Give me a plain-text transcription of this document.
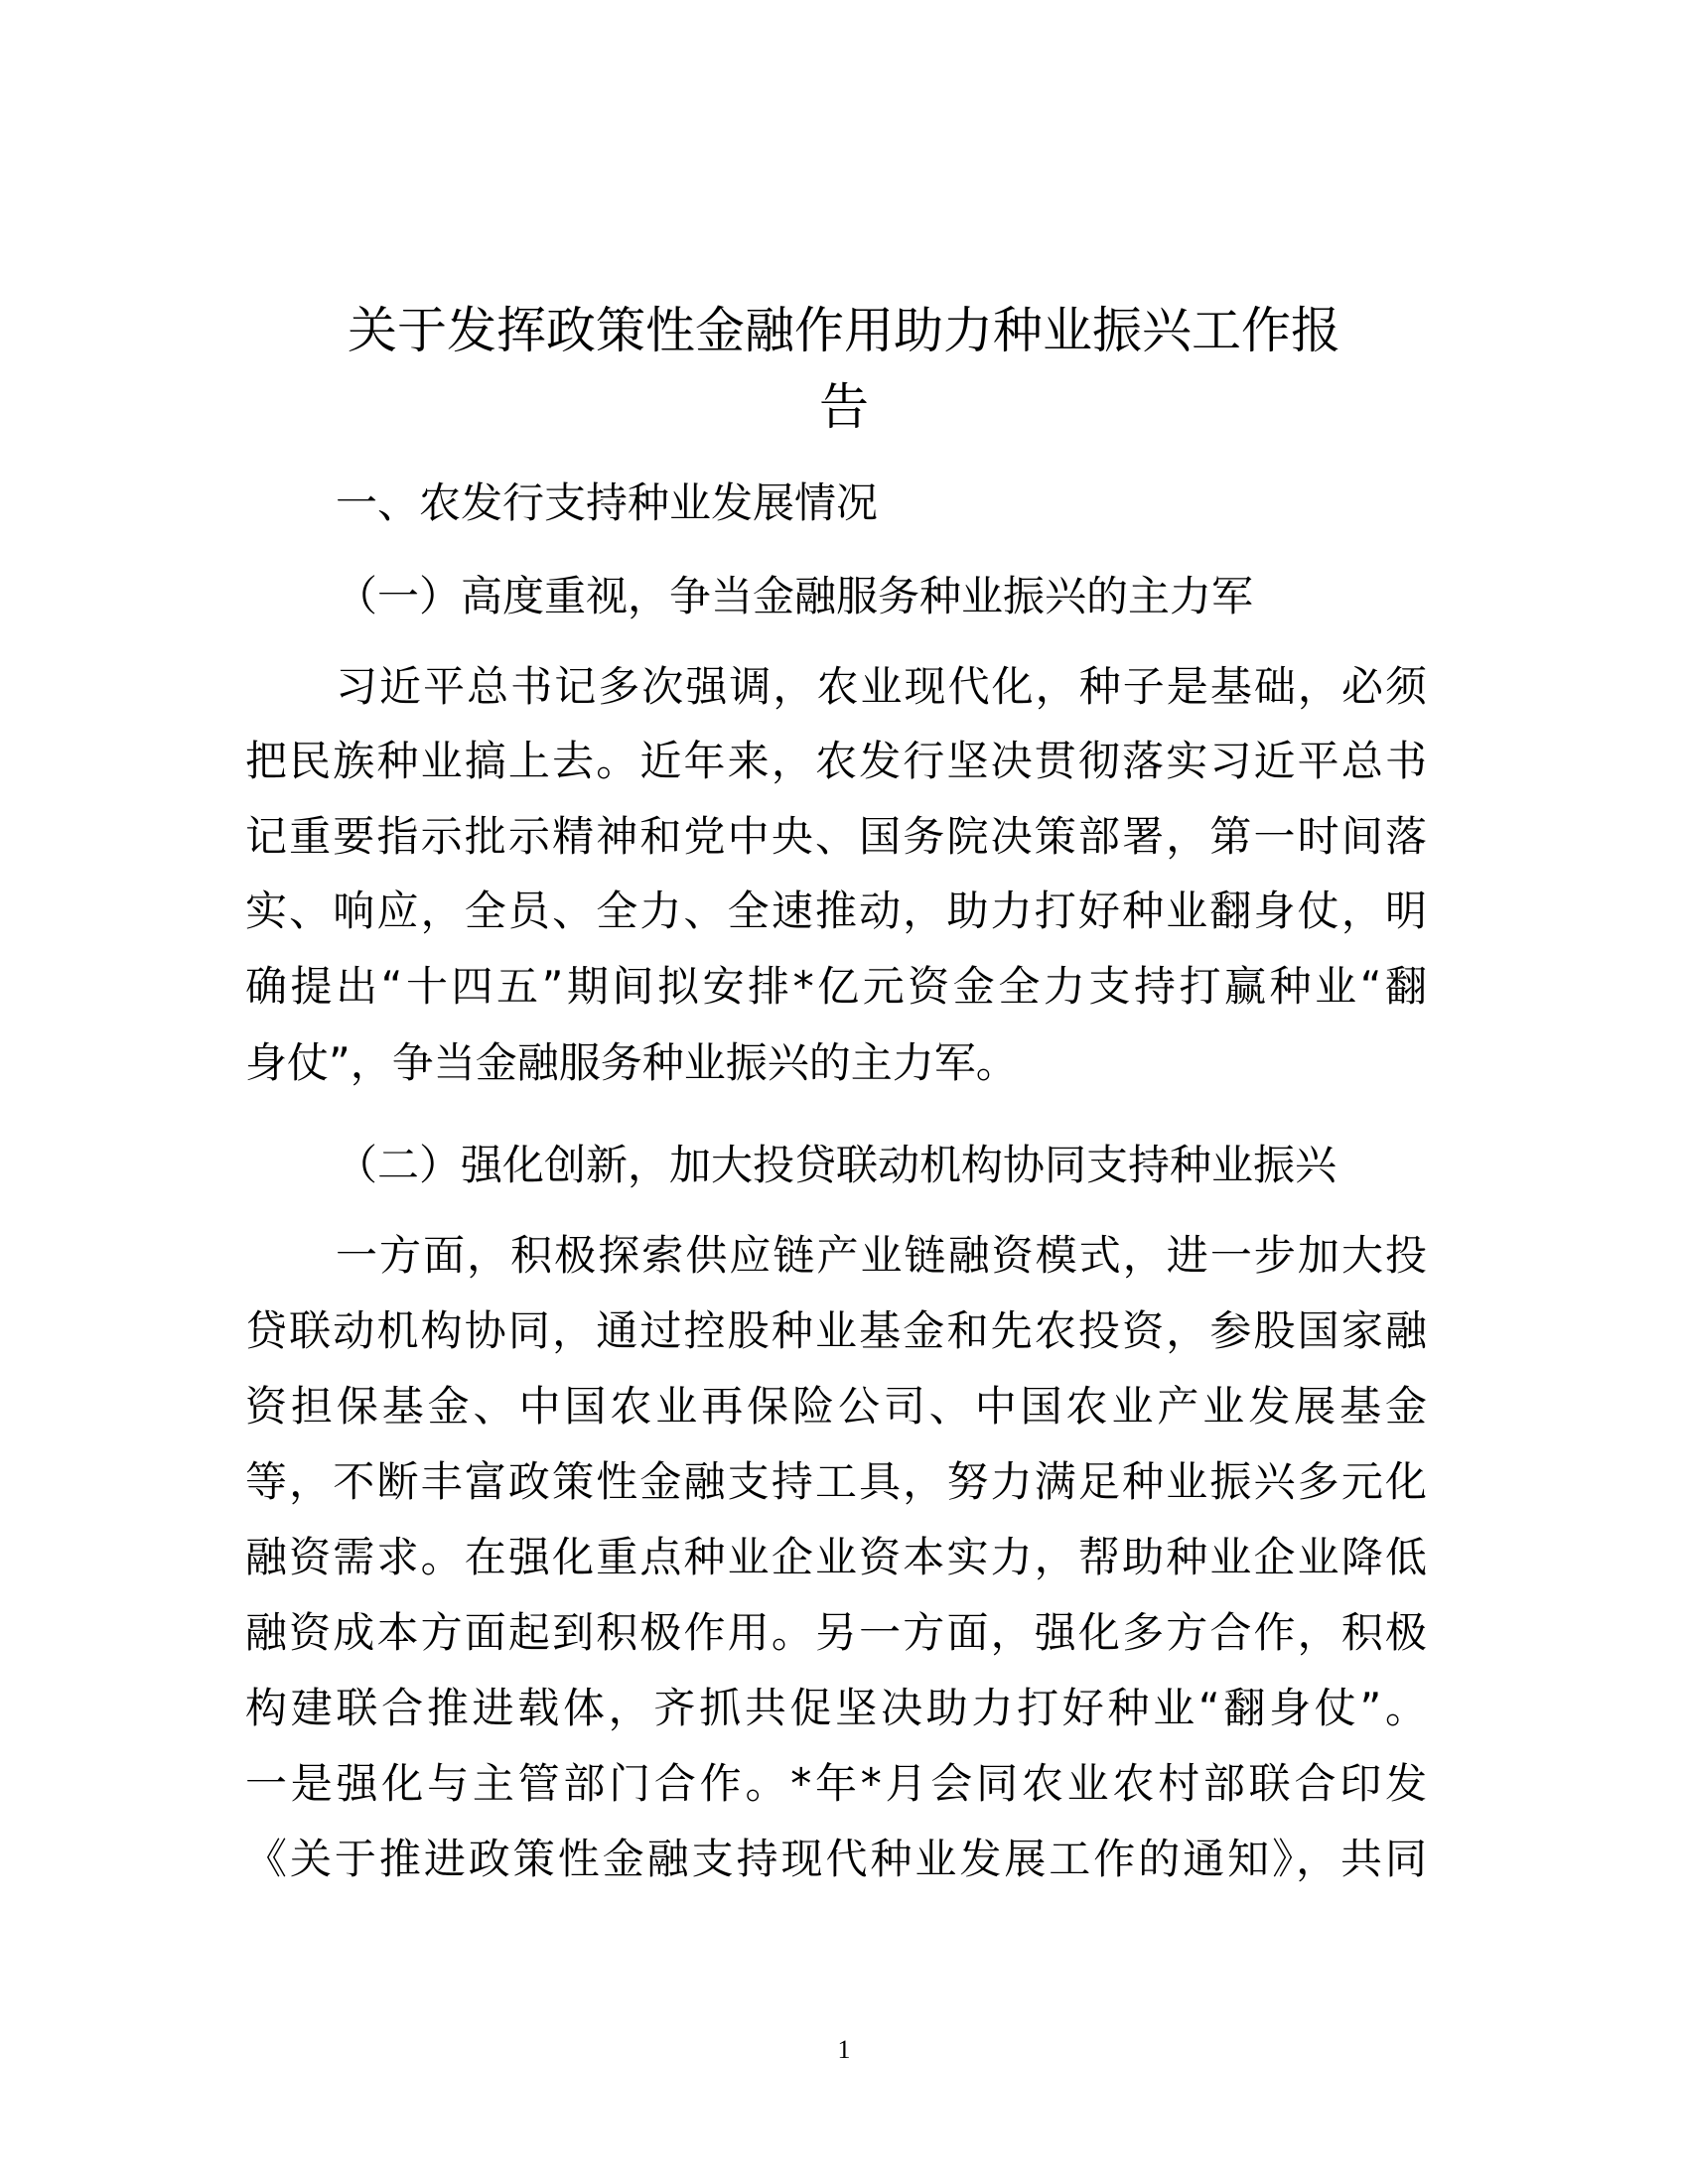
关于发挥政策性金融作用助力种业振兴工作报
告
一、农发行支持种业发展情况
（一）高度重视，争当金融服务种业振兴的主力军
习近平总书记多次强调，农业现代化，种子是基础，必须
把民族种业搞上去。近年来，农发行坚决贯彻落实习近平总书
记重要指示批示精神和党中央、国务院决策部署，第一时间落
实、响应，全员、全力、全速推动，助力打好种业翻身仗，明
确提出“十四五”期间拟安排*亿元资金全力支持打赢种业“翻
身仗”，争当金融服务种业振兴的主力军。
（二）强化创新，加大投贷联动机构协同支持种业振兴
一方面，积极探索供应链产业链融资模式，进一步加大投
贷联动机构协同，通过控股种业基金和先农投资，参股国家融
资担保基金、中国农业再保险公司、中国农业产业发展基金
等，不断丰富政策性金融支持工具，努力满足种业振兴多元化
融资需求。在强化重点种业企业资本实力，帮助种业企业降低
融资成本方面起到积极作用。另一方面，强化多方合作，积极
构建联合推进载体，齐抓共促坚决助力打好种业“翻身仗”。
一是强化与主管部门合作。*年*月会同农业农村部联合印发
《关于推进政策性金融支持现代种业发展工作的通知》，共同
1
